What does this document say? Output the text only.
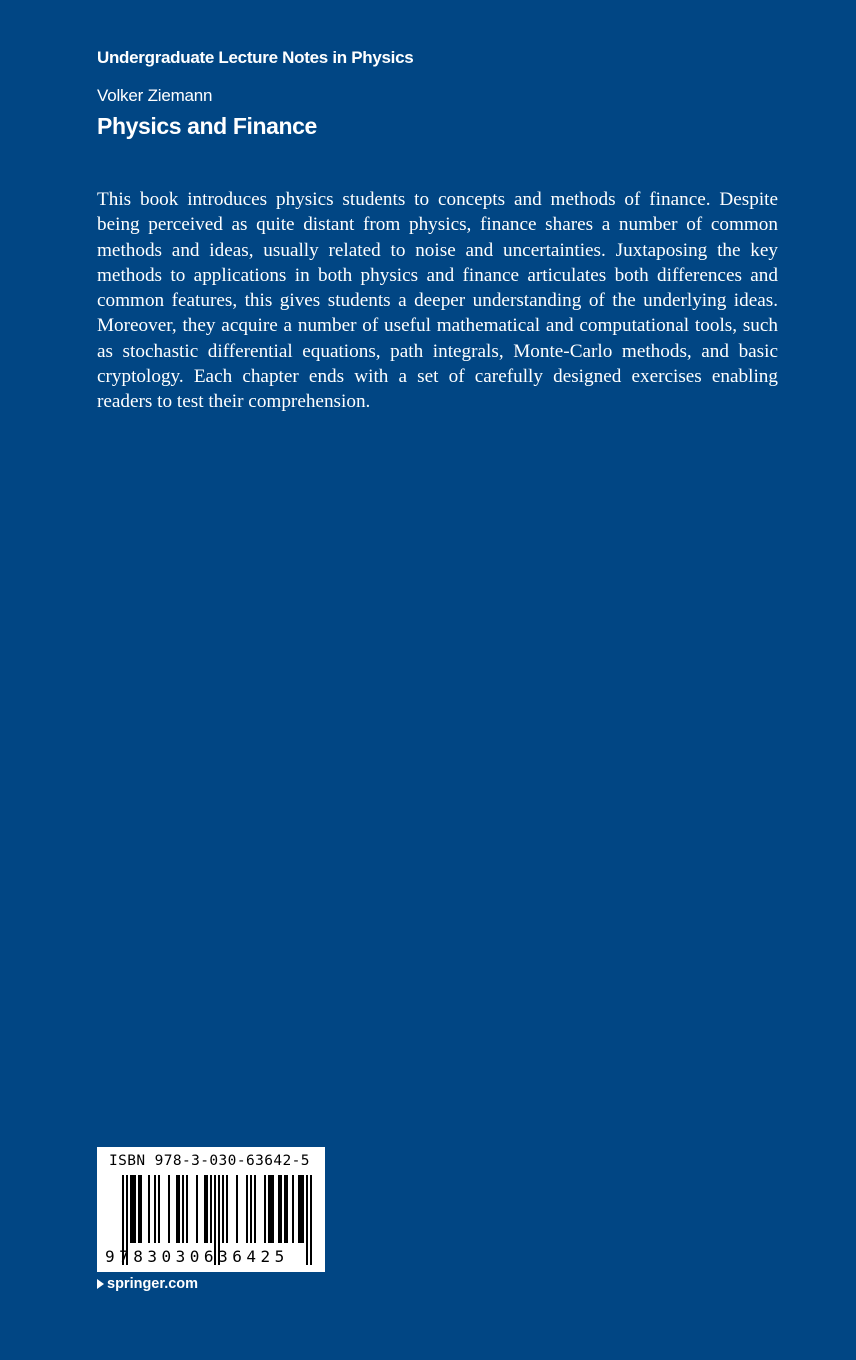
Undergraduate Lecture Notes in Physics
Volker Ziemann
Physics and Finance

This book introduces physics students to concepts and methods of finance. Despite being perceived as quite distant from physics, finance shares a number of common methods and ideas, usually related to noise and uncertainties. Juxtaposing the key methods to applications in both physics and finance articulates both differences and common features, this gives students a deeper understanding of the underlying ideas. Moreover, they acquire a number of useful mathematical and computational tools, such as stochastic differential equations, path integrals, Monte-Carlo methods, and basic cryptology. Each chapter ends with a set of carefully designed exercises enabling readers to test their comprehension.

ISBN 978-3-030-63642-5
9783030636425
springer.com
